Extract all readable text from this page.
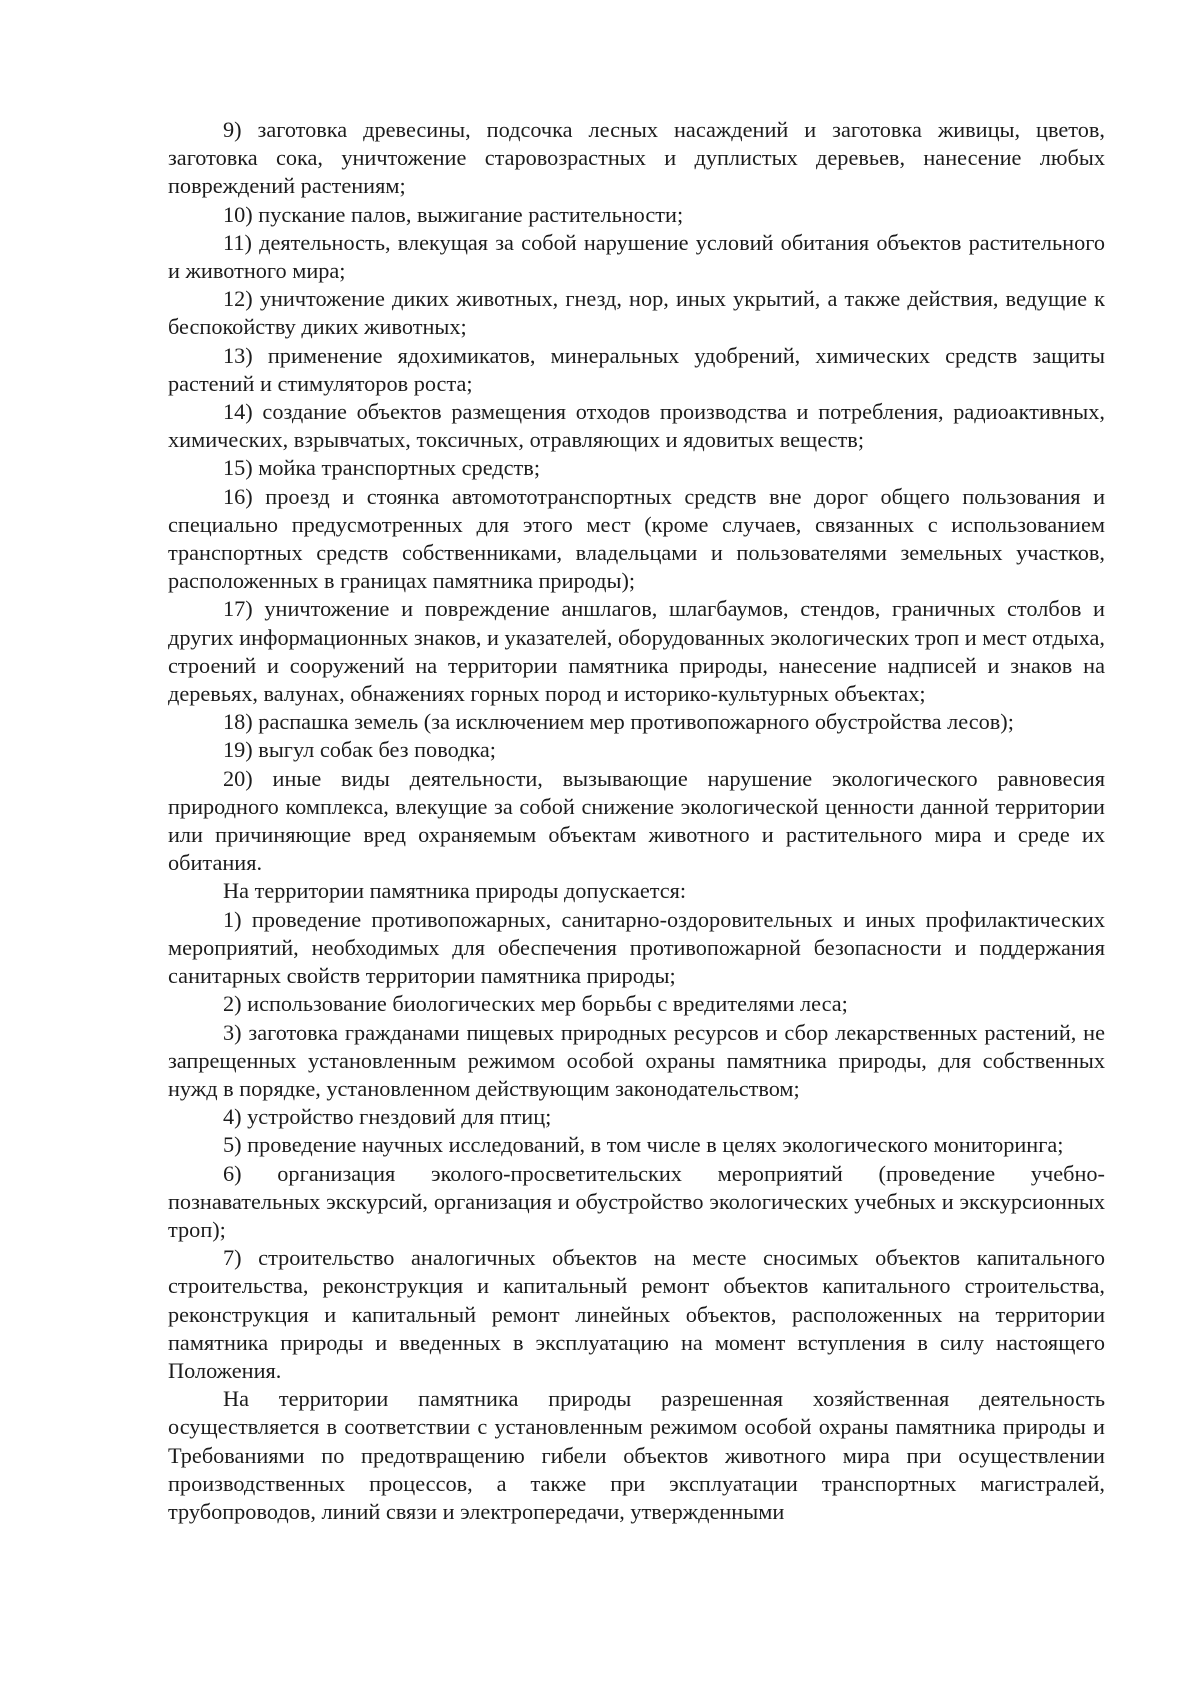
9) заготовка древесины, подсочка лесных насаждений и заготовка живицы, цветов, заготовка сока, уничтожение старовозрастных и дуплистых деревьев, нанесение любых повреждений растениям;

10) пускание палов, выжигание растительности;

11) деятельность, влекущая за собой нарушение условий обитания объектов растительного и животного мира;

12) уничтожение диких животных, гнезд, нор, иных укрытий, а также действия, ведущие к беспокойству диких животных;

13) применение ядохимикатов, минеральных удобрений, химических средств защиты растений и стимуляторов роста;

14) создание объектов размещения отходов производства и потребления, радиоактивных, химических, взрывчатых, токсичных, отравляющих и ядовитых веществ;

15) мойка транспортных средств;

16) проезд и стоянка автомототранспортных средств вне дорог общего пользования и специально предусмотренных для этого мест (кроме случаев, связанных с использованием транспортных средств собственниками, владельцами и пользователями земельных участков, расположенных в границах памятника природы);

17) уничтожение и повреждение аншлагов, шлагбаумов, стендов, граничных столбов и других информационных знаков, и указателей, оборудованных экологических троп и мест отдыха, строений и сооружений на территории памятника природы, нанесение надписей и знаков на деревьях, валунах, обнажениях горных пород и историко-культурных объектах;

18) распашка земель (за исключением мер противопожарного обустройства лесов);

19) выгул собак без поводка;

20) иные виды деятельности, вызывающие нарушение экологического равновесия природного комплекса, влекущие за собой снижение экологической ценности данной территории или причиняющие вред охраняемым объектам животного и растительного мира и среде их обитания.

На территории памятника природы допускается:

1) проведение противопожарных, санитарно-оздоровительных и иных профилактических мероприятий, необходимых для обеспечения противопожарной безопасности и поддержания санитарных свойств территории памятника природы;

2) использование биологических мер борьбы с вредителями леса;

3) заготовка гражданами пищевых природных ресурсов и сбор лекарственных растений, не запрещенных установленным режимом особой охраны памятника природы, для собственных нужд в порядке, установленном действующим законодательством;

4) устройство гнездовий для птиц;

5) проведение научных исследований, в том числе в целях экологического мониторинга;

6) организация эколого-просветительских мероприятий (проведение учебно-познавательных экскурсий, организация и обустройство экологических учебных и экскурсионных троп);

7) строительство аналогичных объектов на месте сносимых объектов капитального строительства, реконструкция и капитальный ремонт объектов капитального строительства, реконструкция и капитальный ремонт линейных объектов, расположенных на территории памятника природы и введенных в эксплуатацию на момент вступления в силу настоящего Положения.

На территории памятника природы разрешенная хозяйственная деятельность осуществляется в соответствии с установленным режимом особой охраны памятника природы и Требованиями по предотвращению гибели объектов животного мира при осуществлении производственных процессов, а также при эксплуатации транспортных магистралей, трубопроводов, линий связи и электропередачи, утвержденными
